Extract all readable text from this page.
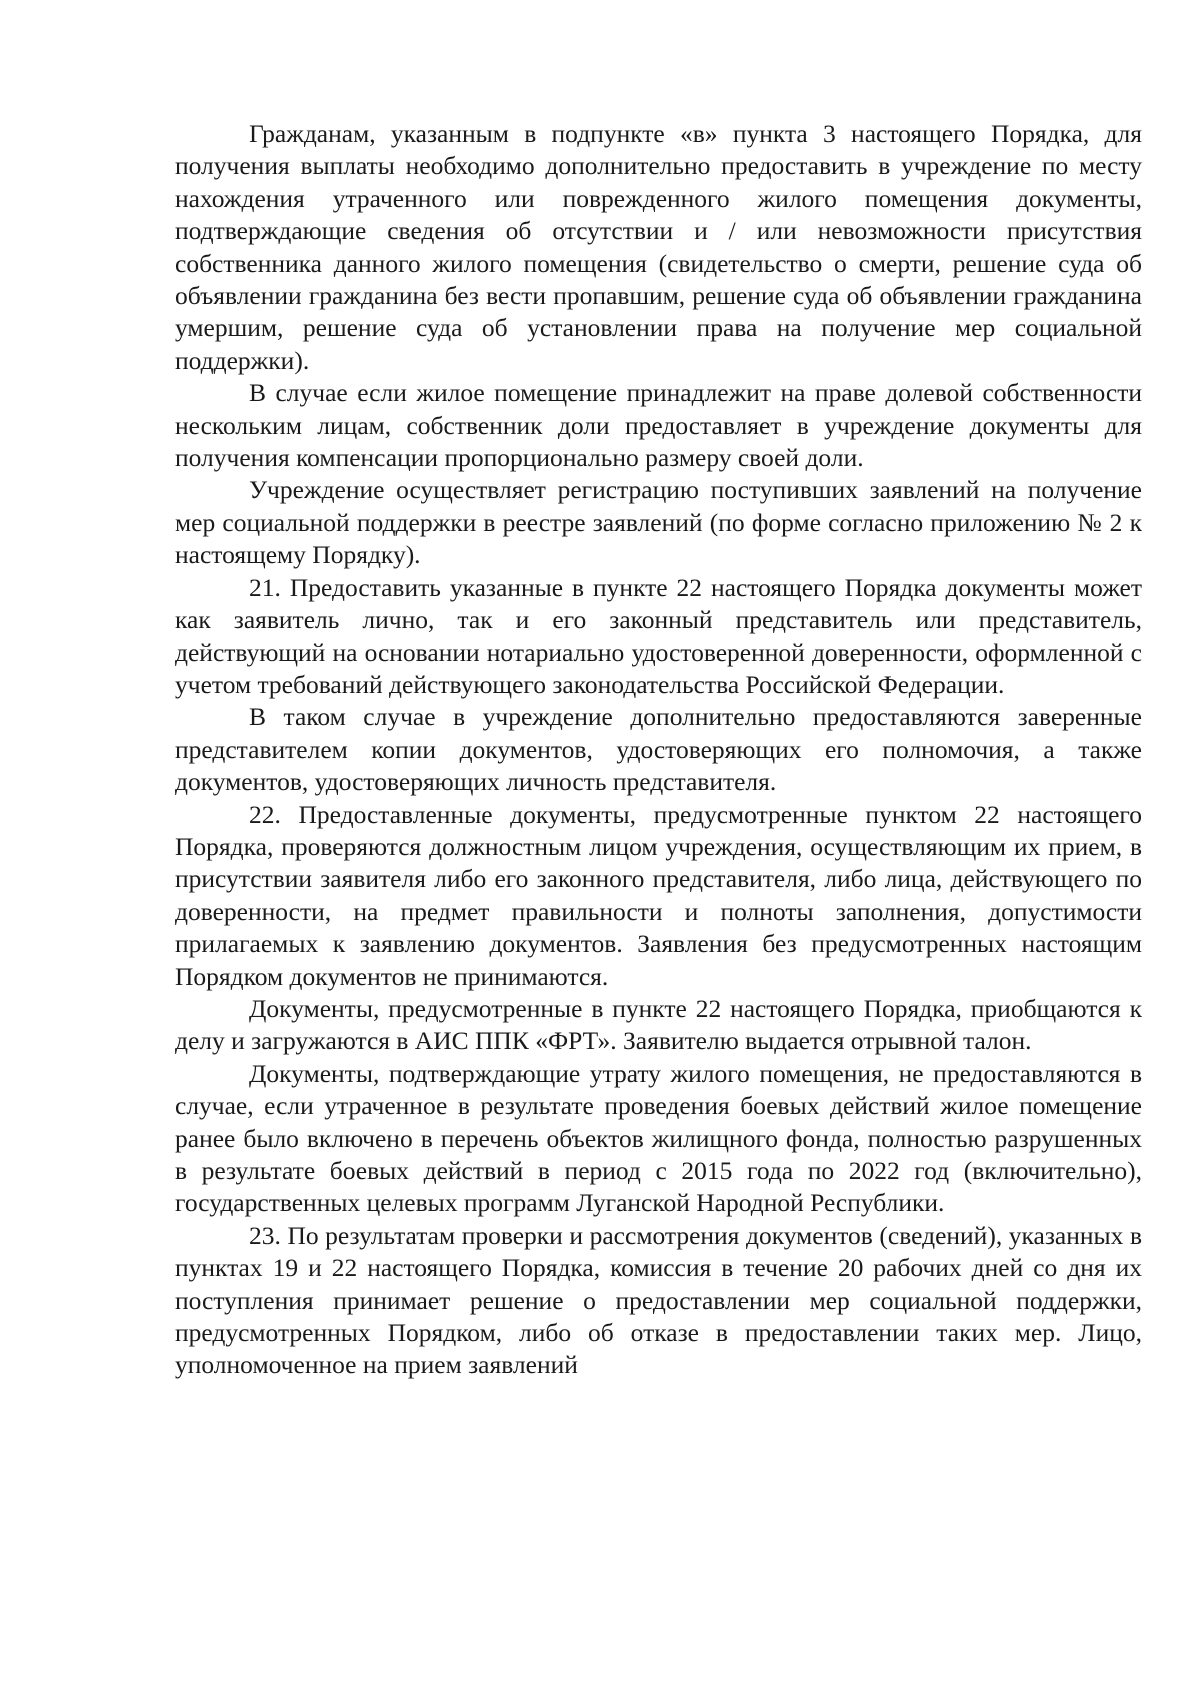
Гражданам, указанным в подпункте «в» пункта 3 настоящего Порядка, для получения выплаты необходимо дополнительно предоставить в учреждение по месту нахождения утраченного или поврежденного жилого помещения документы, подтверждающие сведения об отсутствии и / или невозможности присутствия собственника данного жилого помещения (свидетельство о смерти, решение суда об объявлении гражданина без вести пропавшим, решение суда об объявлении гражданина умершим, решение суда об установлении права на получение мер социальной поддержки).

В случае если жилое помещение принадлежит на праве долевой собственности нескольким лицам, собственник доли предоставляет в учреждение документы для получения компенсации пропорционально размеру своей доли.

Учреждение осуществляет регистрацию поступивших заявлений на получение мер социальной поддержки в реестре заявлений (по форме согласно приложению № 2 к настоящему Порядку).

21. Предоставить указанные в пункте 22 настоящего Порядка документы может как заявитель лично, так и его законный представитель или представитель, действующий на основании нотариально удостоверенной доверенности, оформленной с учетом требований действующего законодательства Российской Федерации.

В таком случае в учреждение дополнительно предоставляются заверенные представителем копии документов, удостоверяющих его полномочия, а также документов, удостоверяющих личность представителя.

22. Предоставленные документы, предусмотренные пунктом 22 настоящего Порядка, проверяются должностным лицом учреждения, осуществляющим их прием, в присутствии заявителя либо его законного представителя, либо лица, действующего по доверенности, на предмет правильности и полноты заполнения, допустимости прилагаемых к заявлению документов. Заявления без предусмотренных настоящим Порядком документов не принимаются.

Документы, предусмотренные в пункте 22 настоящего Порядка, приобщаются к делу и загружаются в АИС ППК «ФРТ». Заявителю выдается отрывной талон.

Документы, подтверждающие утрату жилого помещения, не предоставляются в случае, если утраченное в результате проведения боевых действий жилое помещение ранее было включено в перечень объектов жилищного фонда, полностью разрушенных в результате боевых действий в период с 2015 года по 2022 год (включительно), государственных целевых программ Луганской Народной Республики.

23. По результатам проверки и рассмотрения документов (сведений), указанных в пунктах 19 и 22 настоящего Порядка, комиссия в течение 20 рабочих дней со дня их поступления принимает решение о предоставлении мер социальной поддержки, предусмотренных Порядком, либо об отказе в предоставлении таких мер. Лицо, уполномоченное на прием заявлений
